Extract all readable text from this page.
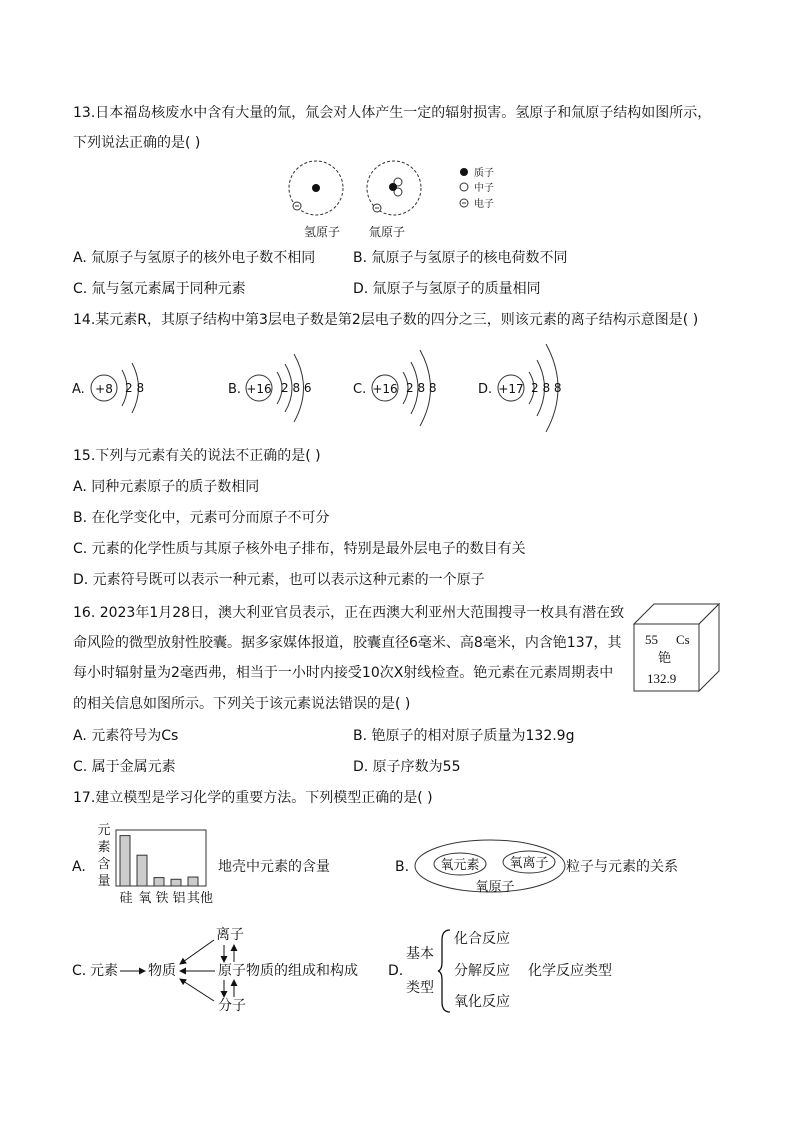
13.日本福岛核废水中含有大量的氚，氚会对人体产生一定的辐射损害。氢原子和氚原子结构如图所示，
下列说法正确的是( )
质子
中子
电子
氢原子 氚原子
A. 氚原子与氢原子的核外电子数不相同	B. 氚原子与氢原子的核电荷数不同
C. 氚与氢元素属于同种元素	D. 氚原子与氢原子的质量相同
14.某元素R，其原子结构中第3层电子数是第2层电子数的四分之三，则该元素的离子结构示意图是( )
A. +8 2 8	B. +16 2 8 6	C. +16 2 8 8	D. +17 2 8 8
15.下列与元素有关的说法不正确的是( )
A. 同种元素原子的质子数相同
B. 在化学变化中，元素可分而原子不可分
C. 元素的化学性质与其原子核外电子排布，特别是最外层电子的数目有关
D. 元素符号既可以表示一种元素，也可以表示这种元素的一个原子
16. 2023年1月28日，澳大利亚官员表示，正在西澳大利亚州大范围搜寻一枚具有潜在致
命风险的微型放射性胶囊。据多家媒体报道，胶囊直径6毫米、高8毫米，内含铯137，其
每小时辐射量为2毫西弗，相当于一小时内接受10次X射线检查。铯元素在元素周期表中
的相关信息如图所示。下列关于该元素说法错误的是( )
55 Cs
铯
132.9
A. 元素符号为Cs	B. 铯原子的相对原子质量为132.9g
C. 属于金属元素	D. 原子序数为55
17.建立模型是学习化学的重要方法。下列模型正确的是( )
A.
元
素
含
量
硅 氧 铁 铝 其他
地壳中元素的含量	B. 氧元素 氧离子
氧原子
粒子与元素的关系
C. 元素 物质
离子
原子
分子
物质的组成和构成 D.
基本
类型
化合反应
分解反应 化学反应类型
氧化反应
